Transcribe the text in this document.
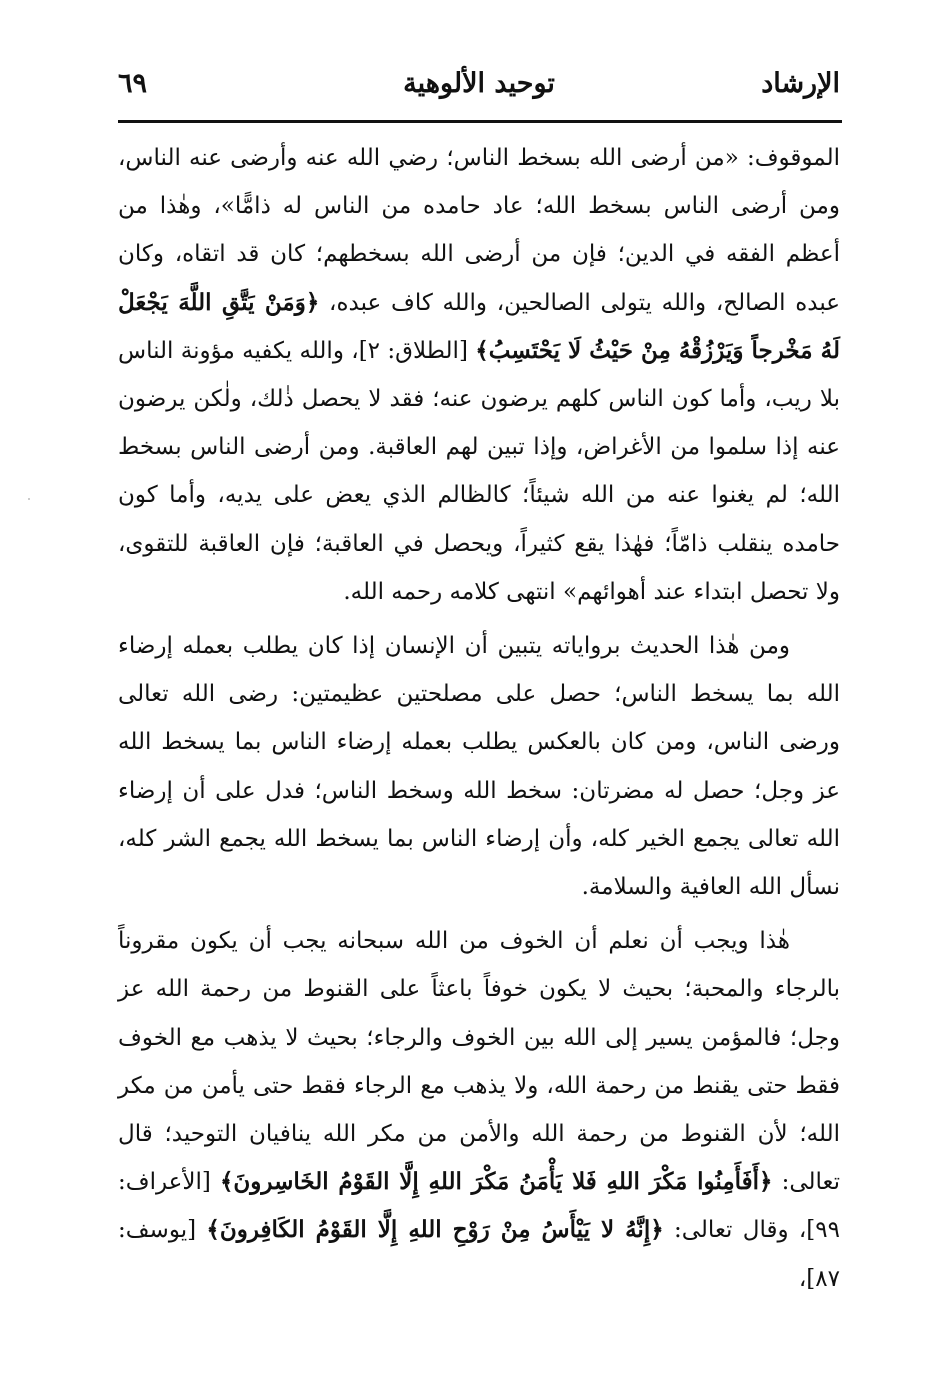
الإرشاد
توحيد الألوهية
٦٩

الموقوف: «من أرضى الله بسخط الناس؛ رضي الله عنه وأرضى عنه الناس، ومن أرضى الناس بسخط الله؛ عاد حامده من الناس له ذامًّا»، وهٰذا من أعظم الفقه في الدين؛ فإن من أرضى الله بسخطهم؛ كان قد اتقاه، وكان عبده الصالح، والله يتولى الصالحين، والله كاف عبده، ﴿وَمَنْ يَتَّقِ اللَّهَ يَجْعَلْ لَهُ مَخْرجاً وَيَرْزُقْهُ مِنْ حَيْثُ لَا يَحْتَسِبُ﴾ [الطلاق: ٢]، والله يكفيه مؤونة الناس بلا ريب، وأما كون الناس كلهم يرضون عنه؛ فقد لا يحصل ذٰلك، ولٰكن يرضون عنه إذا سلموا من الأغراض، وإذا تبين لهم العاقبة. ومن أرضى الناس بسخط الله؛ لم يغنوا عنه من الله شيئاً؛ كالظالم الذي يعض على يديه، وأما كون حامده ينقلب ذامّاً؛ فهٰذا يقع كثيراً، ويحصل في العاقبة؛ فإن العاقبة للتقوى، ولا تحصل ابتداء عند أهوائهم» انتهى كلامه رحمه الله.

ومن هٰذا الحديث برواياته يتبين أن الإنسان إذا كان يطلب بعمله إرضاء الله بما يسخط الناس؛ حصل على مصلحتين عظيمتين: رضى الله تعالى ورضى الناس، ومن كان بالعكس يطلب بعمله إرضاء الناس بما يسخط الله عز وجل؛ حصل له مضرتان: سخط الله وسخط الناس؛ فدل على أن إرضاء الله تعالى يجمع الخير كله، وأن إرضاء الناس بما يسخط الله يجمع الشر كله، نسأل الله العافية والسلامة.

هٰذا ويجب أن نعلم أن الخوف من الله سبحانه يجب أن يكون مقروناً بالرجاء والمحبة؛ بحيث لا يكون خوفاً باعثاً على القنوط من رحمة الله عز وجل؛ فالمؤمن يسير إلى الله بين الخوف والرجاء؛ بحيث لا يذهب مع الخوف فقط حتى يقنط من رحمة الله، ولا يذهب مع الرجاء فقط حتى يأمن من مكر الله؛ لأن القنوط من رحمة الله والأمن من مكر الله ينافيان التوحيد؛ قال تعالى: ﴿أَفَأَمِنُوا مَكْرَ اللهِ فَلا يَأْمَنُ مَكْرَ اللهِ إِلَّا القَوْمُ الخَاسِرونَ﴾ [الأعراف: ٩٩]، وقال تعالى: ﴿إِنَّهُ لا يَيْأَسُ مِنْ رَوْحِ اللهِ إِلَّا القَوْمُ الكَافِرونَ﴾ [يوسف: ٨٧]،
